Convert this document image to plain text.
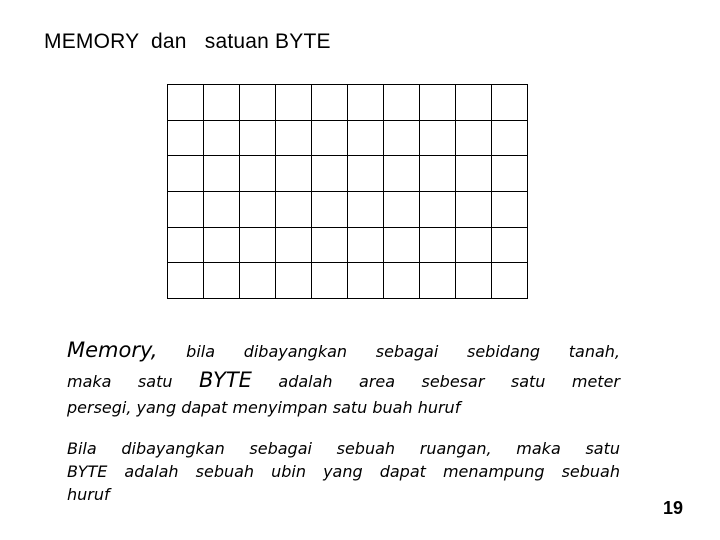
MEMORY  dan   satuan BYTE
Memory, bila dibayangkan sebagai sebidang tanah,
maka satu BYTE adalah area sebesar satu meter
persegi, yang dapat menyimpan satu buah huruf
Bila dibayangkan sebagai sebuah ruangan, maka satu
BYTE adalah sebuah ubin yang dapat menampung sebuah
huruf
19
